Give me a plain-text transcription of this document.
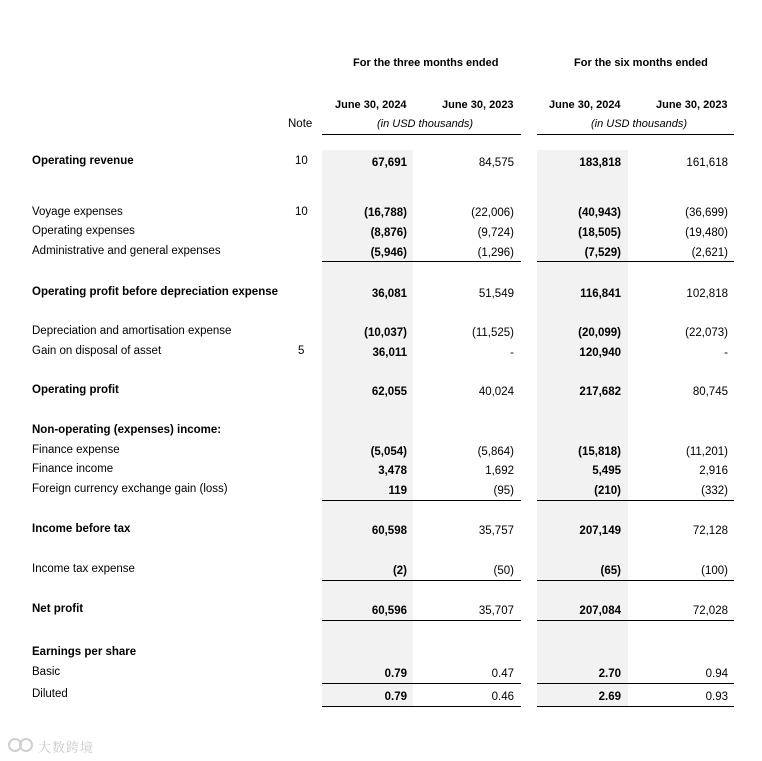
For the three months ended	For the six months ended
June 30, 2024	June 30, 2023	June 30, 2024	June 30, 2023
Note	(in USD thousands)	(in USD thousands)
Operating revenue	10	67,691	84,575	183,818	161,618
Voyage expenses	10	(16,788)	(22,006)	(40,943)	(36,699)
Operating expenses	(8,876)	(9,724)	(18,505)	(19,480)
Administrative and general expenses	(5,946)	(1,296)	(7,529)	(2,621)
Operating profit before depreciation expense	36,081	51,549	116,841	102,818
Depreciation and amortisation expense	(10,037)	(11,525)	(20,099)	(22,073)
Gain on disposal of asset	5	36,011	-	120,940	-
Operating profit	62,055	40,024	217,682	80,745
Non-operating (expenses) income:
Finance expense	(5,054)	(5,864)	(15,818)	(11,201)
Finance income	3,478	1,692	5,495	2,916
Foreign currency exchange gain (loss)	119	(95)	(210)	(332)
Income before tax	60,598	35,757	207,149	72,128
Income tax expense	(2)	(50)	(65)	(100)
Net profit	60,596	35,707	207,084	72,028
Earnings per share
Basic	0.79	0.47	2.70	0.94
Diluted	0.79	0.46	2.69	0.93
大数跨境
